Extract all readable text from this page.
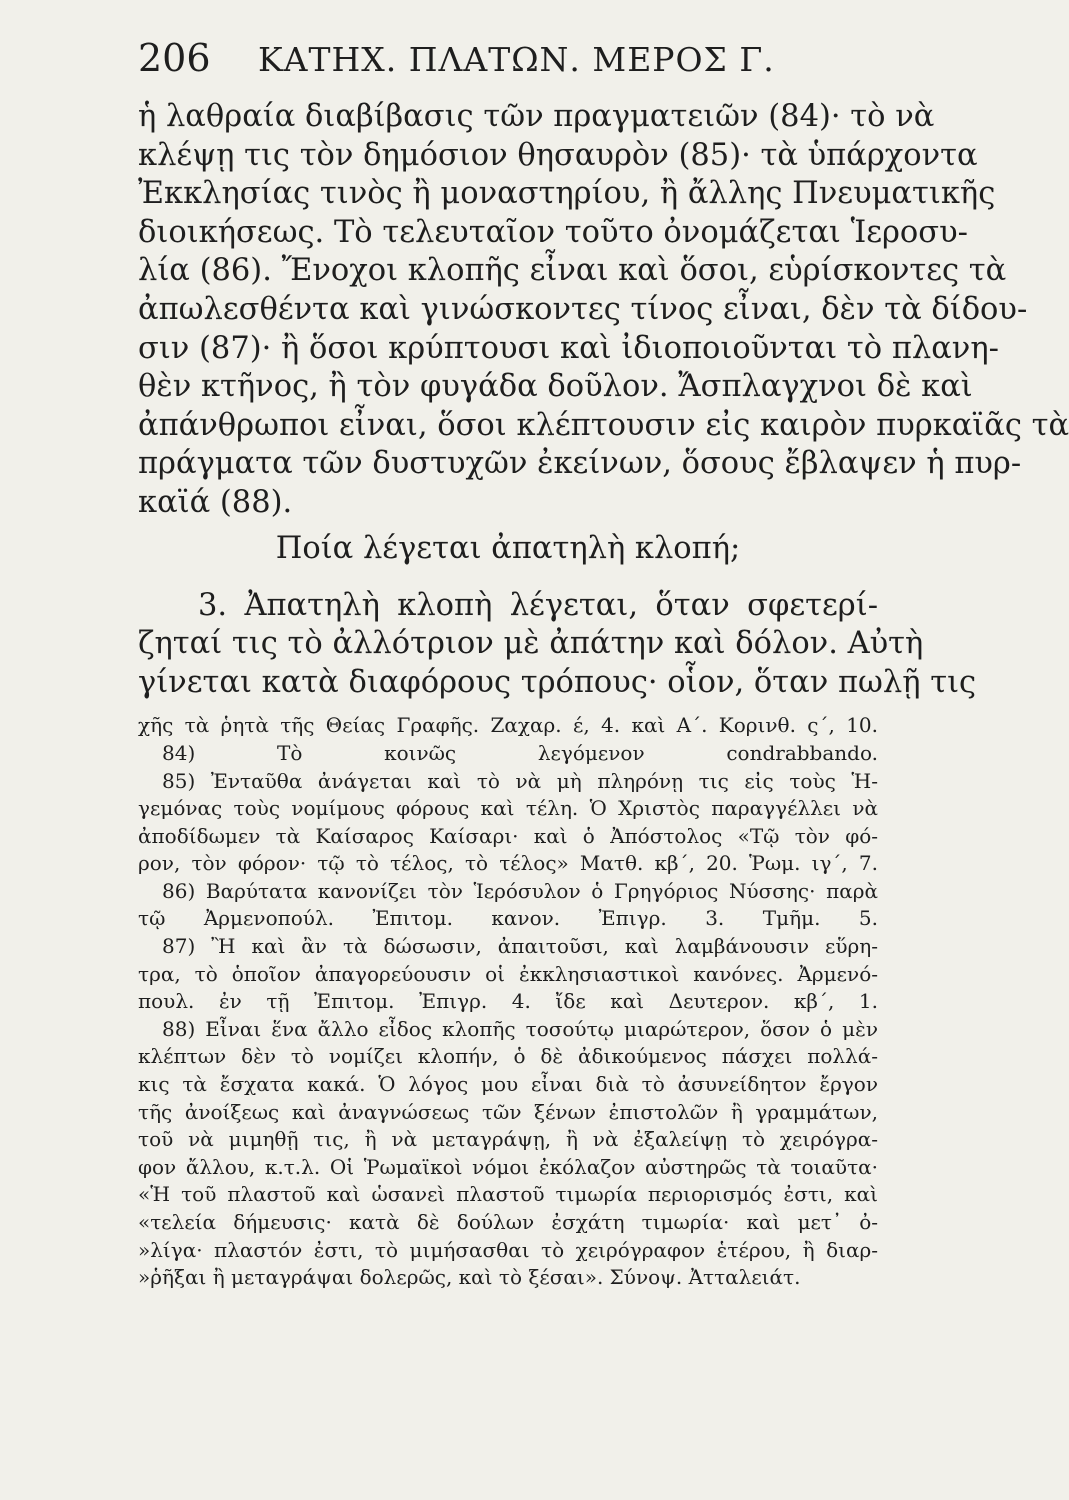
206	ΚΑΤΗΧ. ΠΛΑΤΩΝ. ΜΕΡΟΣ Γ.
ἡ λαθραία διαβίβασις τῶν πραγματειῶν (84)· τὸ νὰ
κλέψῃ τις τὸν δημόσιον θησαυρὸν (85)· τὰ ὑπάρχοντα
Ἐκκλησίας τινὸς ἢ μοναστηρίου, ἢ ἄλλης Πνευματικῆς
διοικήσεως. Τὸ τελευταῖον τοῦτο ὀνομάζεται Ἱεροσυ-
λία (86). Ἔνοχοι κλοπῆς εἶναι καὶ ὅσοι, εὑρίσκοντες τὰ
ἀπωλεσθέντα καὶ γινώσκοντες τίνος εἶναι, δὲν τὰ δίδου-
σιν (87)· ἢ ὅσοι κρύπτουσι καὶ ἰδιοποιοῦνται τὸ πλανη-
θὲν κτῆνος, ἢ τὸν φυγάδα δοῦλον. Ἄσπλαγχνοι δὲ καὶ
ἀπάνθρωποι εἶναι, ὅσοι κλέπτουσιν εἰς καιρὸν πυρκαϊᾶς τὰ
πράγματα τῶν δυστυχῶν ἐκείνων, ὅσους ἔβλαψεν ἡ πυρ-
καϊά (88).
Ποία λέγεται ἀπατηλὴ κλοπή;
3. Ἀπατηλὴ κλοπὴ λέγεται, ὅταν σφετερί-
ζηταί τις τὸ ἀλλότριον μὲ ἀπάτην καὶ δόλον. Αὐτὴ
γίνεται κατὰ διαφόρους τρόπους· οἷον, ὅταν πωλῇ τις
χῆς τὰ ῥητὰ τῆς Θείας Γραφῆς. Ζαχαρ. έ, 4. καὶ Α΄. Κορινθ. ς΄, 10.
84) Τὸ κοινῶς λεγόμενον condrabbando.
85) Ἐνταῦθα ἀνάγεται καὶ τὸ νὰ μὴ πληρόνῃ τις εἰς τοὺς Ἡ-
γεμόνας τοὺς νομίμους φόρους καὶ τέλη. Ὁ Χριστὸς παραγγέλλει νὰ
ἀποδίδωμεν τὰ Καίσαρος Καίσαρι· καὶ ὁ Ἀπόστολος «Τῷ τὸν φό-
ρον, τὸν φόρον· τῷ τὸ τέλος, τὸ τέλος» Ματθ. κβ΄, 20. Ῥωμ. ιγ΄, 7.
86) Βαρύτατα κανονίζει τὸν Ἱερόσυλον ὁ Γρηγόριος Νύσσης· παρὰ
τῷ Ἀρμενοπούλ. Ἐπιτομ. κανον. Ἐπιγρ. 3. Τμῆμ. 5.
87) Ἢ καὶ ἂν τὰ δώσωσιν, ἀπαιτοῦσι, καὶ λαμβάνουσιν εὕρη-
τρα, τὸ ὁποῖον ἀπαγορεύουσιν οἱ ἐκκλησιαστικοὶ κανόνες. Ἀρμενό-
πουλ. ἐν τῇ Ἐπιτομ. Ἐπιγρ. 4. ἴδε καὶ Δευτερον. κβ΄, 1.
88) Εἶναι ἕνα ἄλλο εἶδος κλοπῆς τοσούτῳ μιαρώτερον, ὅσον ὁ μὲν
κλέπτων δὲν τὸ νομίζει κλοπήν, ὁ δὲ ἀδικούμενος πάσχει πολλά-
κις τὰ ἔσχατα κακά. Ὁ λόγος μου εἶναι διὰ τὸ ἀσυνείδητον ἔργον
τῆς ἀνοίξεως καὶ ἀναγνώσεως τῶν ξένων ἐπιστολῶν ἢ γραμμάτων,
τοῦ νὰ μιμηθῇ τις, ἢ νὰ μεταγράψῃ, ἢ νὰ ἐξαλείψῃ τὸ χειρόγρα-
φον ἄλλου, κ.τ.λ. Οἱ Ῥωμαϊκοὶ νόμοι ἐκόλαζον αὐστηρῶς τὰ τοιαῦτα·
«Ἡ τοῦ πλαστοῦ καὶ ὡσανεὶ πλαστοῦ τιμωρία περιορισμός ἐστι, καὶ
«τελεία δήμευσις· κατὰ δὲ δούλων ἐσχάτη τιμωρία· καὶ μετ᾽ ὀ-
»λίγα· πλαστόν ἐστι, τὸ μιμήσασθαι τὸ χειρόγραφον ἑτέρου, ἢ διαρ-
»ῥῆξαι ἢ μεταγράψαι δολερῶς, καὶ τὸ ξέσαι». Σύνοψ. Ἀτταλειάτ.
